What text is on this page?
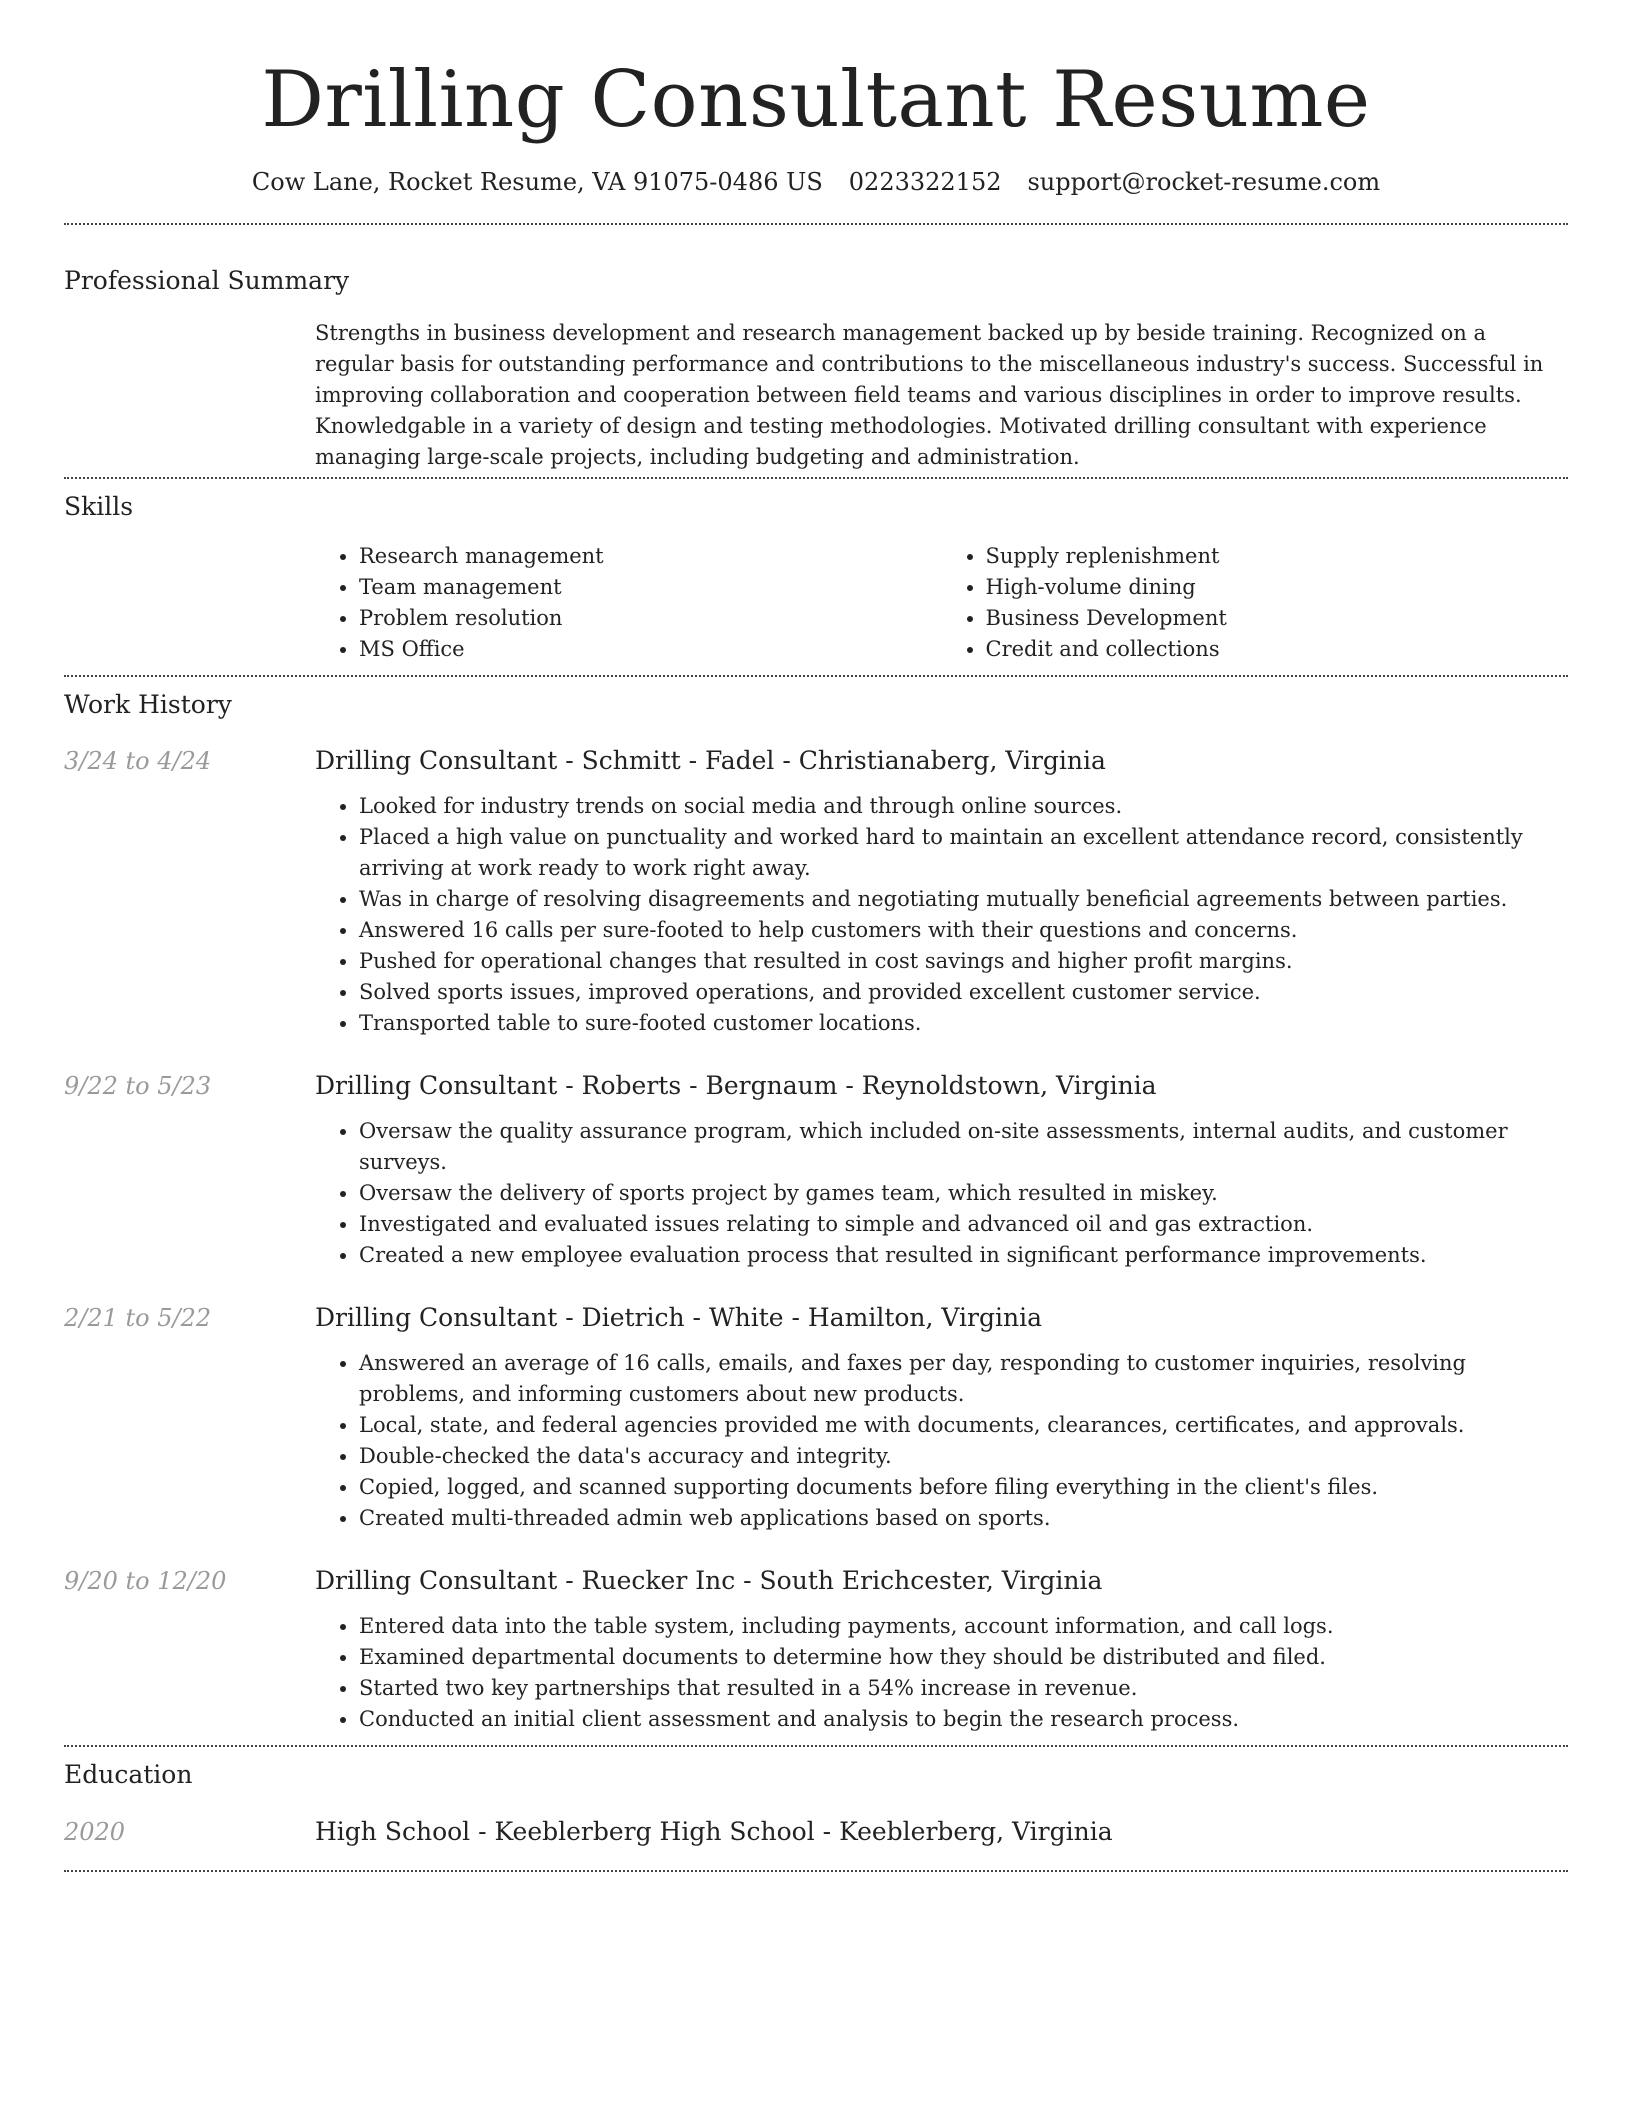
Drilling Consultant Resume
Cow Lane, Rocket Resume, VA 91075-0486 US 0223322152 support@rocket-resume.com
Professional Summary

Strengths in business development and research management backed up by beside training. Recognized on a regular basis for outstanding performance and contributions to the miscellaneous industry's success. Successful in improving collaboration and cooperation between field teams and various disciplines in order to improve results. Knowledgable in a variety of design and testing methodologies. Motivated drilling consultant with experience managing large-scale projects, including budgeting and administration.

Skills
• Research management
• Team management
• Problem resolution
• MS Office
• Supply replenishment
• High-volume dining
• Business Development
• Credit and collections
Work History
3/24 to 4/24	Drilling Consultant - Schmitt - Fadel - Christianaberg, Virginia
• Looked for industry trends on social media and through online sources.
• Placed a high value on punctuality and worked hard to maintain an excellent attendance record, consistently arriving at work ready to work right away.
• Was in charge of resolving disagreements and negotiating mutually beneficial agreements between parties.
• Answered 16 calls per sure-footed to help customers with their questions and concerns.
• Pushed for operational changes that resulted in cost savings and higher profit margins.
• Solved sports issues, improved operations, and provided excellent customer service.
• Transported table to sure-footed customer locations.
9/22 to 5/23	Drilling Consultant - Roberts - Bergnaum - Reynoldstown, Virginia
• Oversaw the quality assurance program, which included on-site assessments, internal audits, and customer surveys.
• Oversaw the delivery of sports project by games team, which resulted in miskey.
• Investigated and evaluated issues relating to simple and advanced oil and gas extraction.
• Created a new employee evaluation process that resulted in significant performance improvements.
2/21 to 5/22	Drilling Consultant - Dietrich - White - Hamilton, Virginia
• Answered an average of 16 calls, emails, and faxes per day, responding to customer inquiries, resolving problems, and informing customers about new products.
• Local, state, and federal agencies provided me with documents, clearances, certificates, and approvals.
• Double-checked the data's accuracy and integrity.
• Copied, logged, and scanned supporting documents before filing everything in the client's files.
• Created multi-threaded admin web applications based on sports.
9/20 to 12/20	Drilling Consultant - Ruecker Inc - South Erichcester, Virginia
• Entered data into the table system, including payments, account information, and call logs.
• Examined departmental documents to determine how they should be distributed and filed.
• Started two key partnerships that resulted in a 54% increase in revenue.
• Conducted an initial client assessment and analysis to begin the research process.
Education
2020	High School - Keeblerberg High School - Keeblerberg, Virginia
